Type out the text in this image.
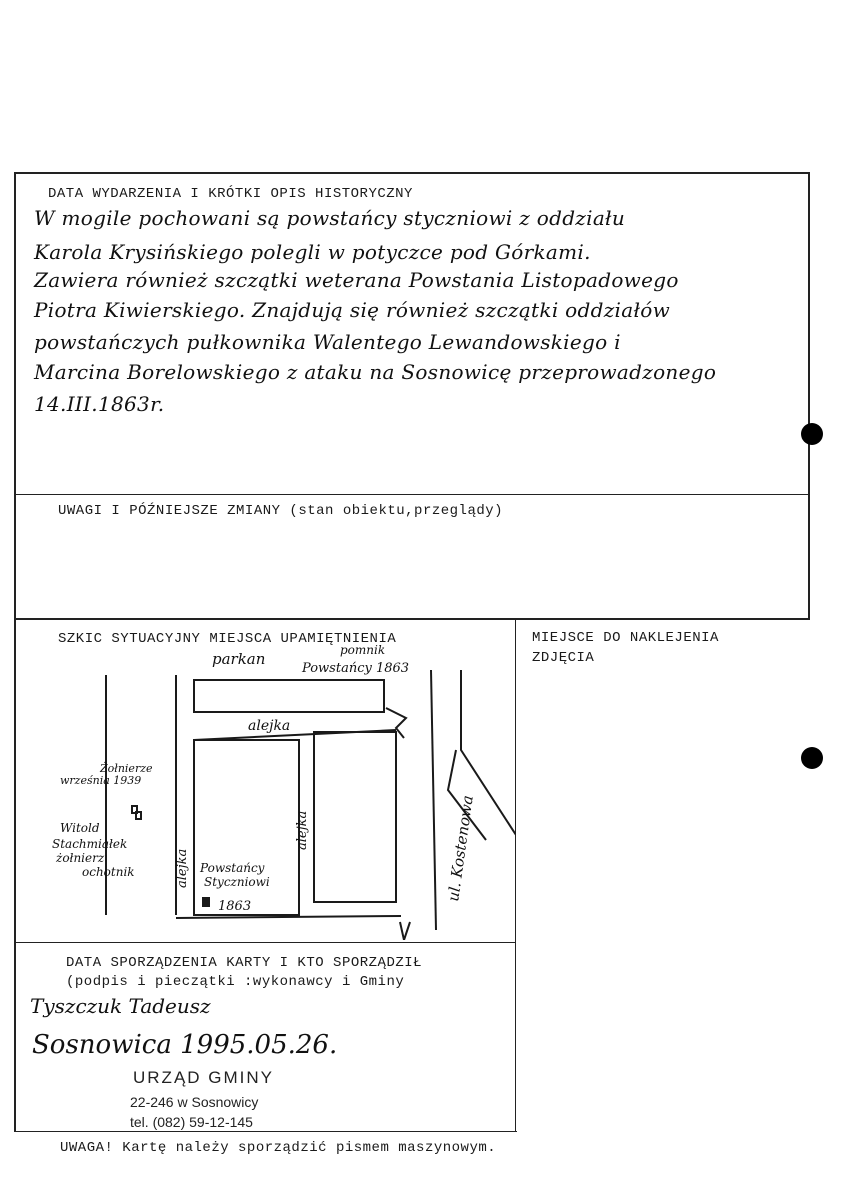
DATA WYDARZENIA I KRÓTKI OPIS HISTORYCZNY
W mogile pochowani są powstańcy styczniowi z oddziału
Karola Krysińskiego polegli w potyczce pod Górkami.
Zawiera również szczątki weterana Powstania Listopadowego
Piotra Kiwierskiego. Znajdują się również szczątki oddziałów
powstańczych pułkownika Walentego Lewandowskiego i
Marcina Borelowskiego z ataku na Sosnowicę przeprowadzonego
14.III.1863r.
UWAGI I PÓŹNIEJSZE ZMIANY (stan obiektu,przeglądy)
SZKIC SYTUACYJNY MIEJSCA UPAMIĘTNIENIA
parkan	pomnik
Powstańcy 1863
alejka
alejka
alejka
Żołnierze
września 1939
Witold
Stachmiałek
żołnierz
ochotnik	Powstańcy
Styczniowi
1863
ul. Kostenowa
MIEJSCE DO NAKLEJENIA
ZDJĘCIA
DATA SPORZĄDZENIA KARTY I KTO SPORZĄDZIŁ
(podpis i pieczątki :wykonawcy i Gminy
Tyszczuk Tadeusz
Sosnowica 1995.05.26.
URZĄD GMINY
22-246 w Sosnowicy
tel. (082) 59-12-145
UWAGA! Kartę należy sporządzić pismem maszynowym.
